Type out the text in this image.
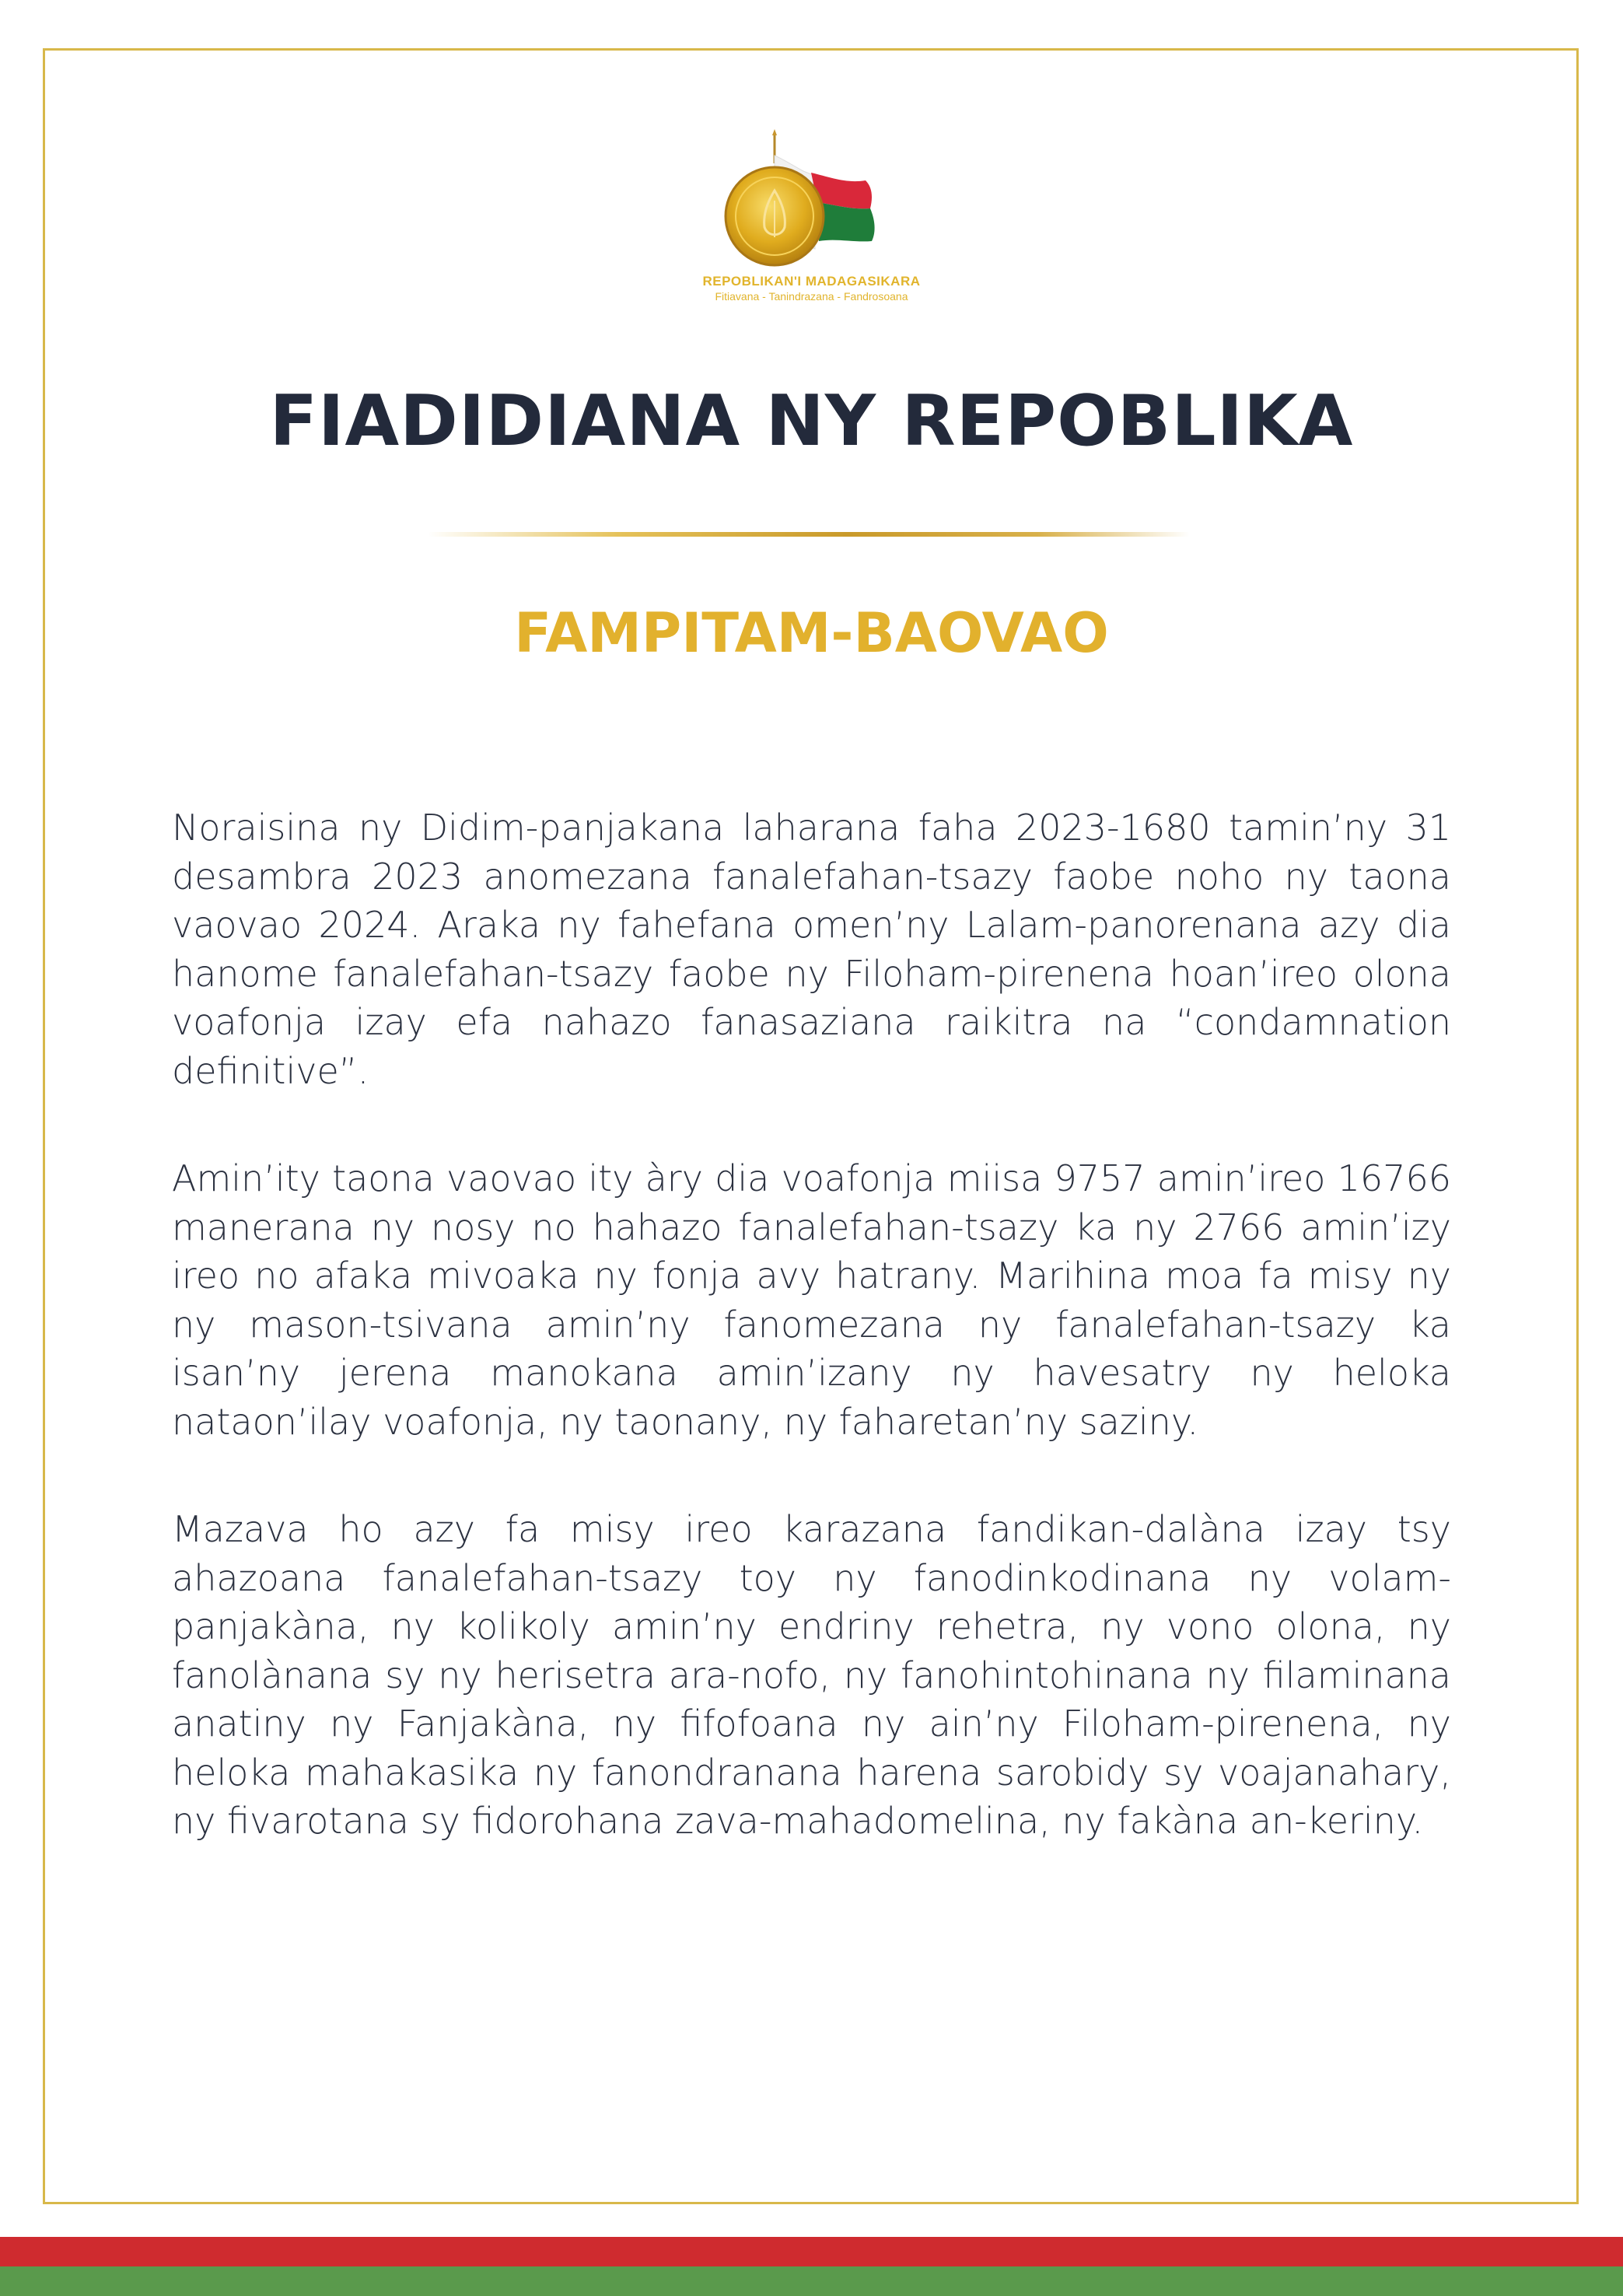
REPOBLIKAN'I MADAGASIKARA
Fitiavana - Tanindrazana - Fandrosoana
FIADIDIANA NY REPOBLIKA
FAMPITAM-BAOVAO

Noraisina ny Didim-panjakana laharana faha 2023-1680 tamin’ny 31 desambra 2023 anomezana fanalefahan-tsazy faobe noho ny taona vaovao 2024. Araka ny fahefana omen’ny Lalam-panorenana azy dia hanome fanalefahan-tsazy faobe ny Filoham-pirenena hoan’ireo olona voafonja izay efa nahazo fanasaziana raikitra na “condamnation definitive”.

Amin’ity taona vaovao ity àry dia voafonja miisa 9757 amin’ireo 16766 manerana ny nosy no hahazo fanalefahan-tsazy ka ny 2766 amin’izy ireo no afaka mivoaka ny fonja avy hatrany. Marihina moa fa misy ny ny mason-tsivana amin’ny fanomezana ny fanalefahan-tsazy ka isan’ny jerena manokana amin’izany ny havesatry ny heloka nataon’ilay voafonja, ny taonany, ny faharetan’ny saziny.

Mazava ho azy fa misy ireo karazana fandikan-dalàna izay tsy ahazoana fanalefahan-tsazy toy ny fanodinkodinana ny volam-panjakàna, ny kolikoly amin’ny endriny rehetra, ny vono olona, ny fanolànana sy ny herisetra ara-nofo, ny fanohintohinana ny filaminana anatiny ny Fanjakàna, ny fifofoana ny ain’ny Filoham-pirenena, ny heloka mahakasika ny fanondranana harena sarobidy sy voajanahary, ny fivarotana sy fidorohana zava-mahadomelina, ny fakàna an-keriny.
